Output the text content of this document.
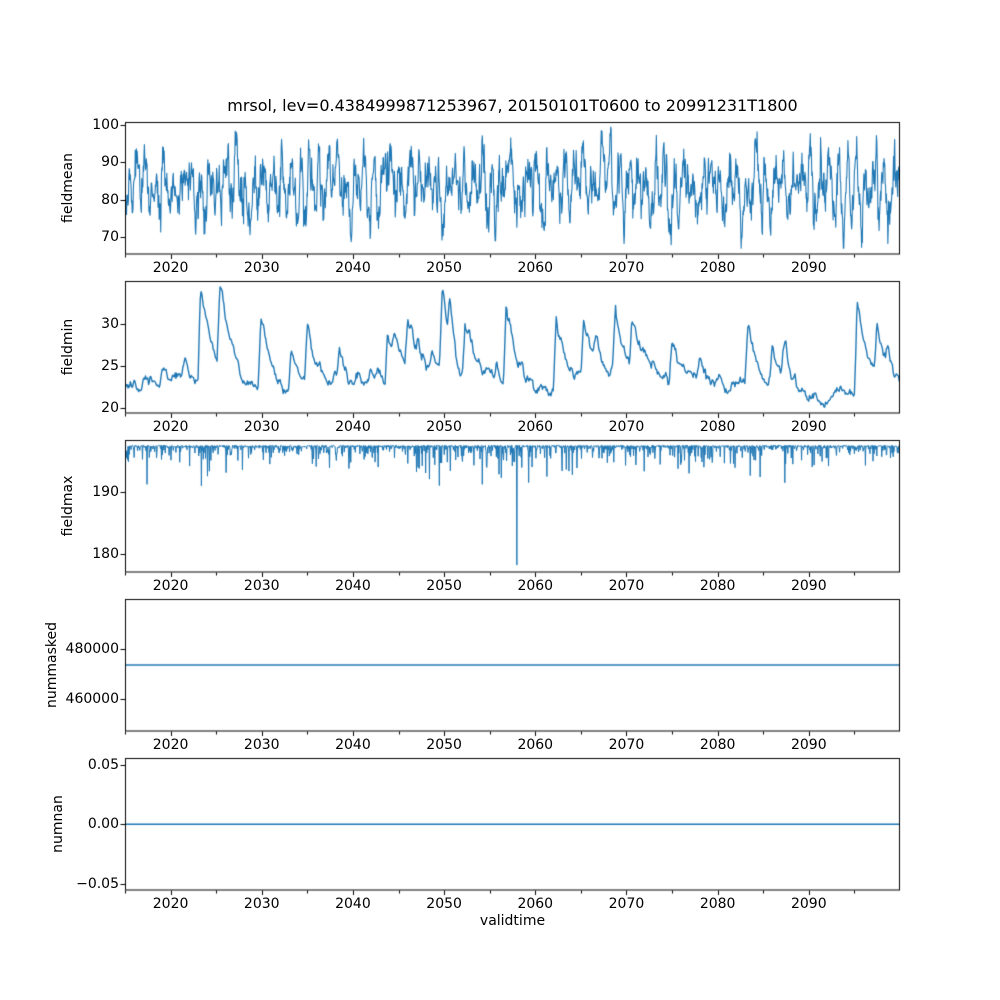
mrsol, lev=0.4384999871253967, 20150101T0600 to 20991231T1800
validtime
2020	2030	2040	2050	2060	2070	2080	2090
70
80
90
100
fieldmean
2020	2030	2040	2050	2060	2070	2080	2090
20
25
30
fieldmin
2020	2030	2040	2050	2060	2070	2080	2090
180
190
fieldmax
2020	2030	2040	2050	2060	2070	2080	2090
460000
480000
nummasked
2020	2030	2040	2050	2060	2070	2080	2090
−0.05
0.00
0.05
numnan
